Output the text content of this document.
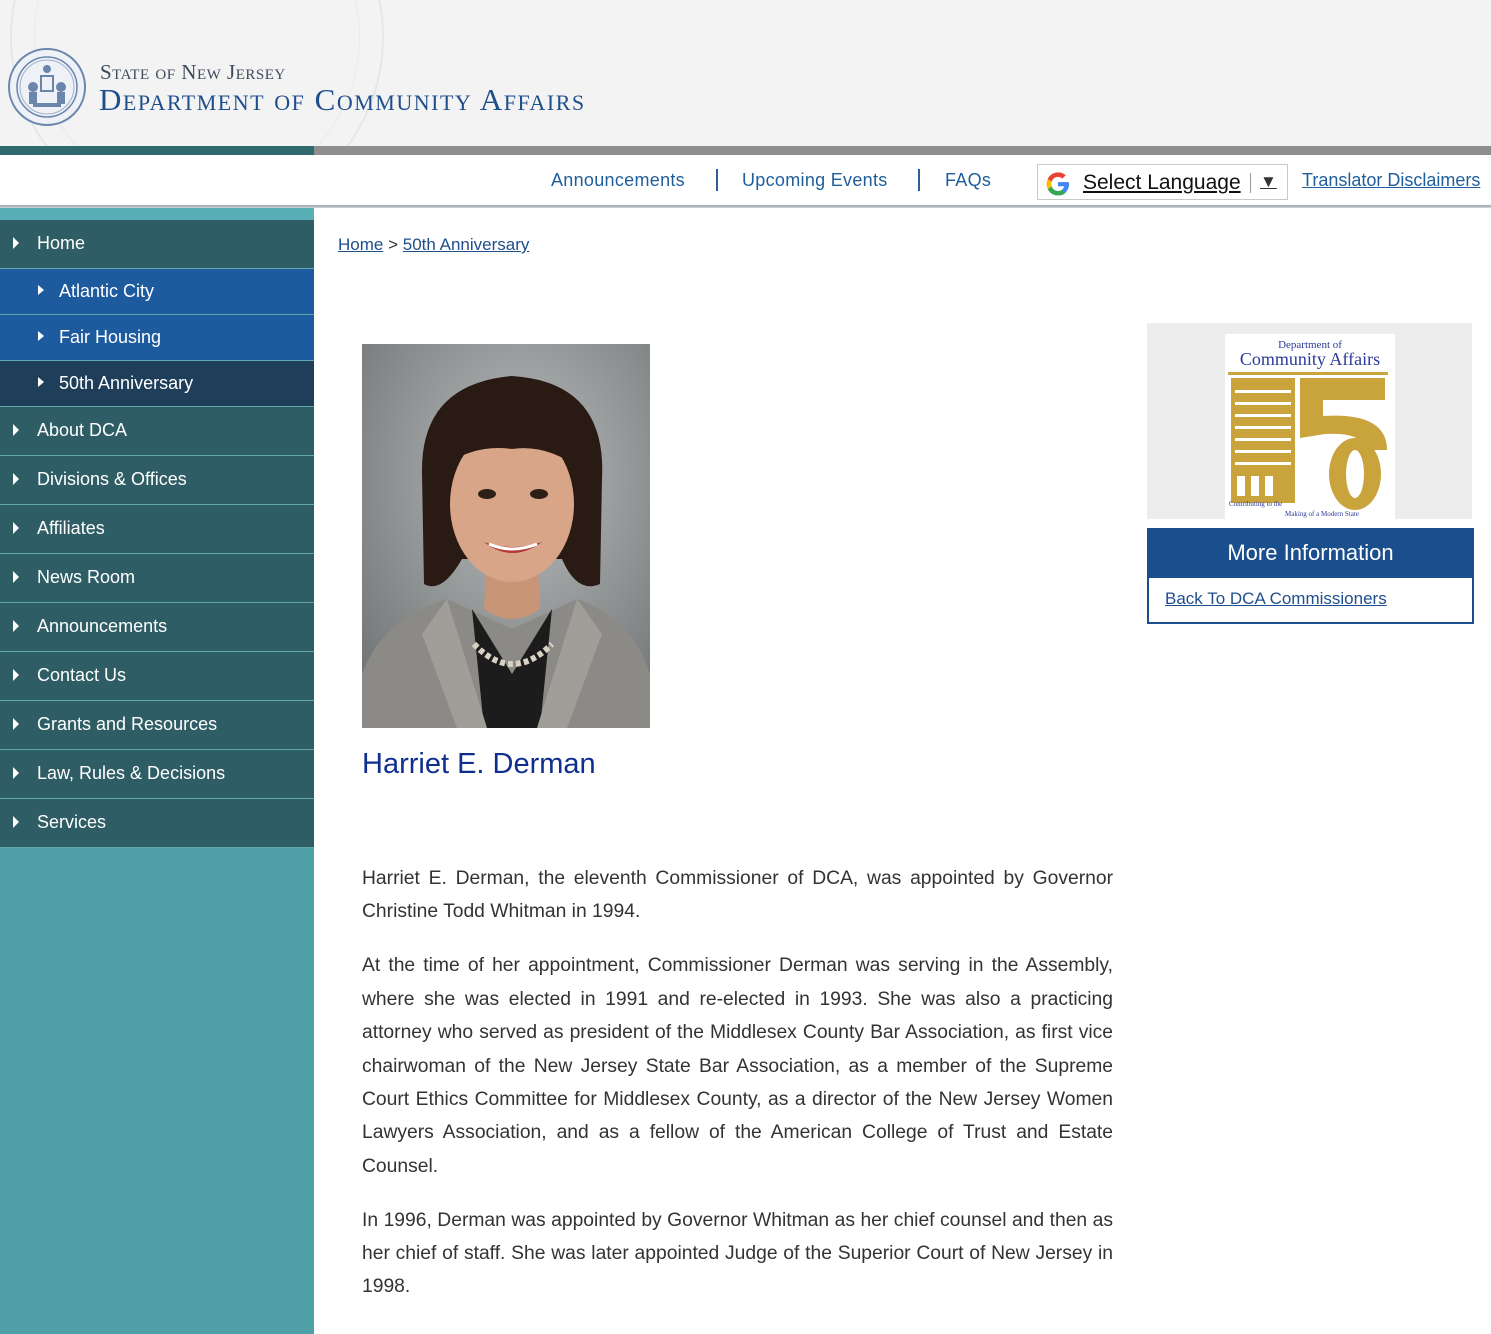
State of New Jersey
Department of Community Affairs
Announcements	Upcoming Events	FAQs	Select Language ▼ Translator Disclaimers
Home
Atlantic City
Fair Housing
50th Anniversary
About DCA
Divisions & Offices
Affiliates
News Room
Announcements
Contact Us
Grants and Resources
Law, Rules & Decisions
Services
Home > 50th Anniversary
Harriet E. Derman

Harriet E. Derman, the eleventh Commissioner of DCA, was appointed by Governor Christine Todd Whitman in 1994.

At the time of her appointment, Commissioner Derman was serving in the Assembly, where she was elected in 1991 and re-elected in 1993. She was also a practicing attorney who served as president of the Middlesex County Bar Association, as first vice chairwoman of the New Jersey State Bar Association, as a member of the Supreme Court Ethics Committee for Middlesex County, as a director of the New Jersey Women Lawyers Association, and as a fellow of the American College of Trust and Estate Counsel.

In 1996, Derman was appointed by Governor Whitman as her chief counsel and then as her chief of staff. She was later appointed Judge of the Superior Court of New Jersey in 1998.

Department of
Community Affairs
YEARS
Contributing to the
Making of a Modern State
More Information
Back To DCA Commissioners
